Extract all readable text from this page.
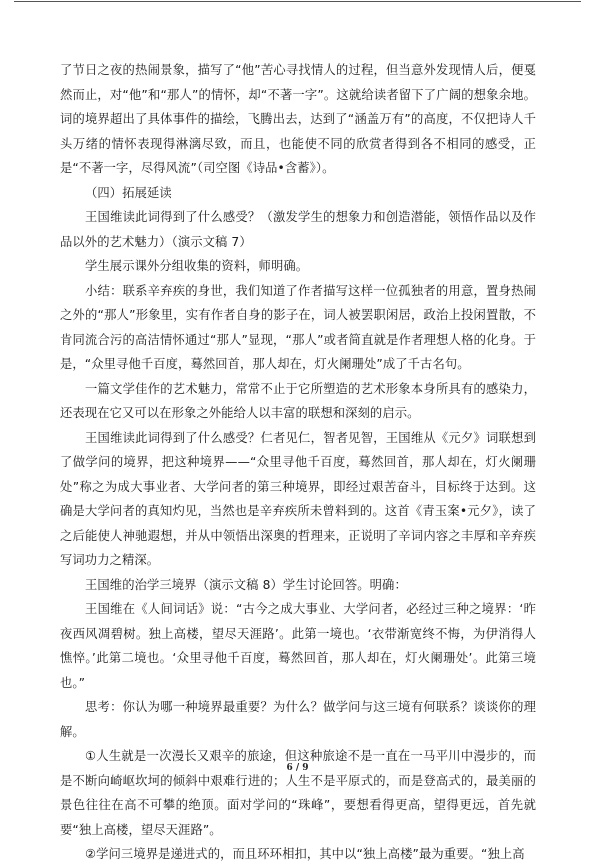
了节日之夜的热闹景象，描写了“他”苦心寻找情人的过程，但当意外发现情人后，便戛然而止，对“他”和“那人”的情怀，却“不著一字”。这就给读者留下了广阔的想象余地。词的境界超出了具体事件的描绘，飞腾出去，达到了“涵盖万有”的高度，不仅把诗人千头万绪的情怀表现得淋漓尽致，而且，也能使不同的欣赏者得到各不相同的感受，正是“不著一字，尽得风流”（司空图《诗品•含蓄》）。

（四）拓展延读

王国维读此词得到了什么感受？（激发学生的想象力和创造潜能，领悟作品以及作品以外的艺术魅力）（演示文稿 7）

学生展示课外分组收集的资料，师明确。

小结：联系辛弃疾的身世，我们知道了作者描写这样一位孤独者的用意，置身热闹之外的“那人”形象里，实有作者自身的影子在，词人被罢职闲居，政治上投闲置散，不肯同流合污的高洁情怀通过“那人”显现，“那人”或者简直就是作者理想人格的化身。于是，“众里寻他千百度，蓦然回首，那人却在，灯火阑珊处”成了千古名句。

一篇文学佳作的艺术魅力，常常不止于它所塑造的艺术形象本身所具有的感染力，还表现在它又可以在形象之外能给人以丰富的联想和深刻的启示。

王国维读此词得到了什么感受？仁者见仁，智者见智，王国维从《元夕》词联想到了做学问的境界，把这种境界——“众里寻他千百度，蓦然回首，那人却在，灯火阑珊处”称之为成大事业者、大学问者的第三种境界，即经过艰苦奋斗，目标终于达到。这确是大学问者的真知灼见，当然也是辛弃疾所未曾料到的。这首《青玉案•元夕》，读了之后能使人神驰遐想，并从中领悟出深奥的哲理来，正说明了辛词内容之丰厚和辛弃疾写词功力之精深。

王国维的治学三境界（演示文稿 8）学生讨论回答。明确：

王国维在《人间词话》说：“古今之成大事业、大学问者，必经过三种之境界：‘昨夜西风凋碧树。独上高楼，望尽天涯路’。此第一境也。‘衣带渐宽终不悔，为伊消得人憔悴。’此第二境也。‘众里寻他千百度，蓦然回首，那人却在，灯火阑珊处’。此第三境也。”

思考：你认为哪一种境界最重要？为什么？做学问与这三境有何联系？谈谈你的理解。

①人生就是一次漫长又艰辛的旅途，但这种旅途不是一直在一马平川中漫步的，而是不断向崎岖坎坷的倾斜中艰难行进的；人生不是平原式的，而是登高式的，最美丽的景色往往在高不可攀的绝顶。面对学问的“珠峰”，要想看得更高，望得更远，首先就要“独上高楼，望尽天涯路”。

②学问三境界是递进式的，而且环环相扣，其中以“独上高楼”最为重要。“独上高

6 / 9
